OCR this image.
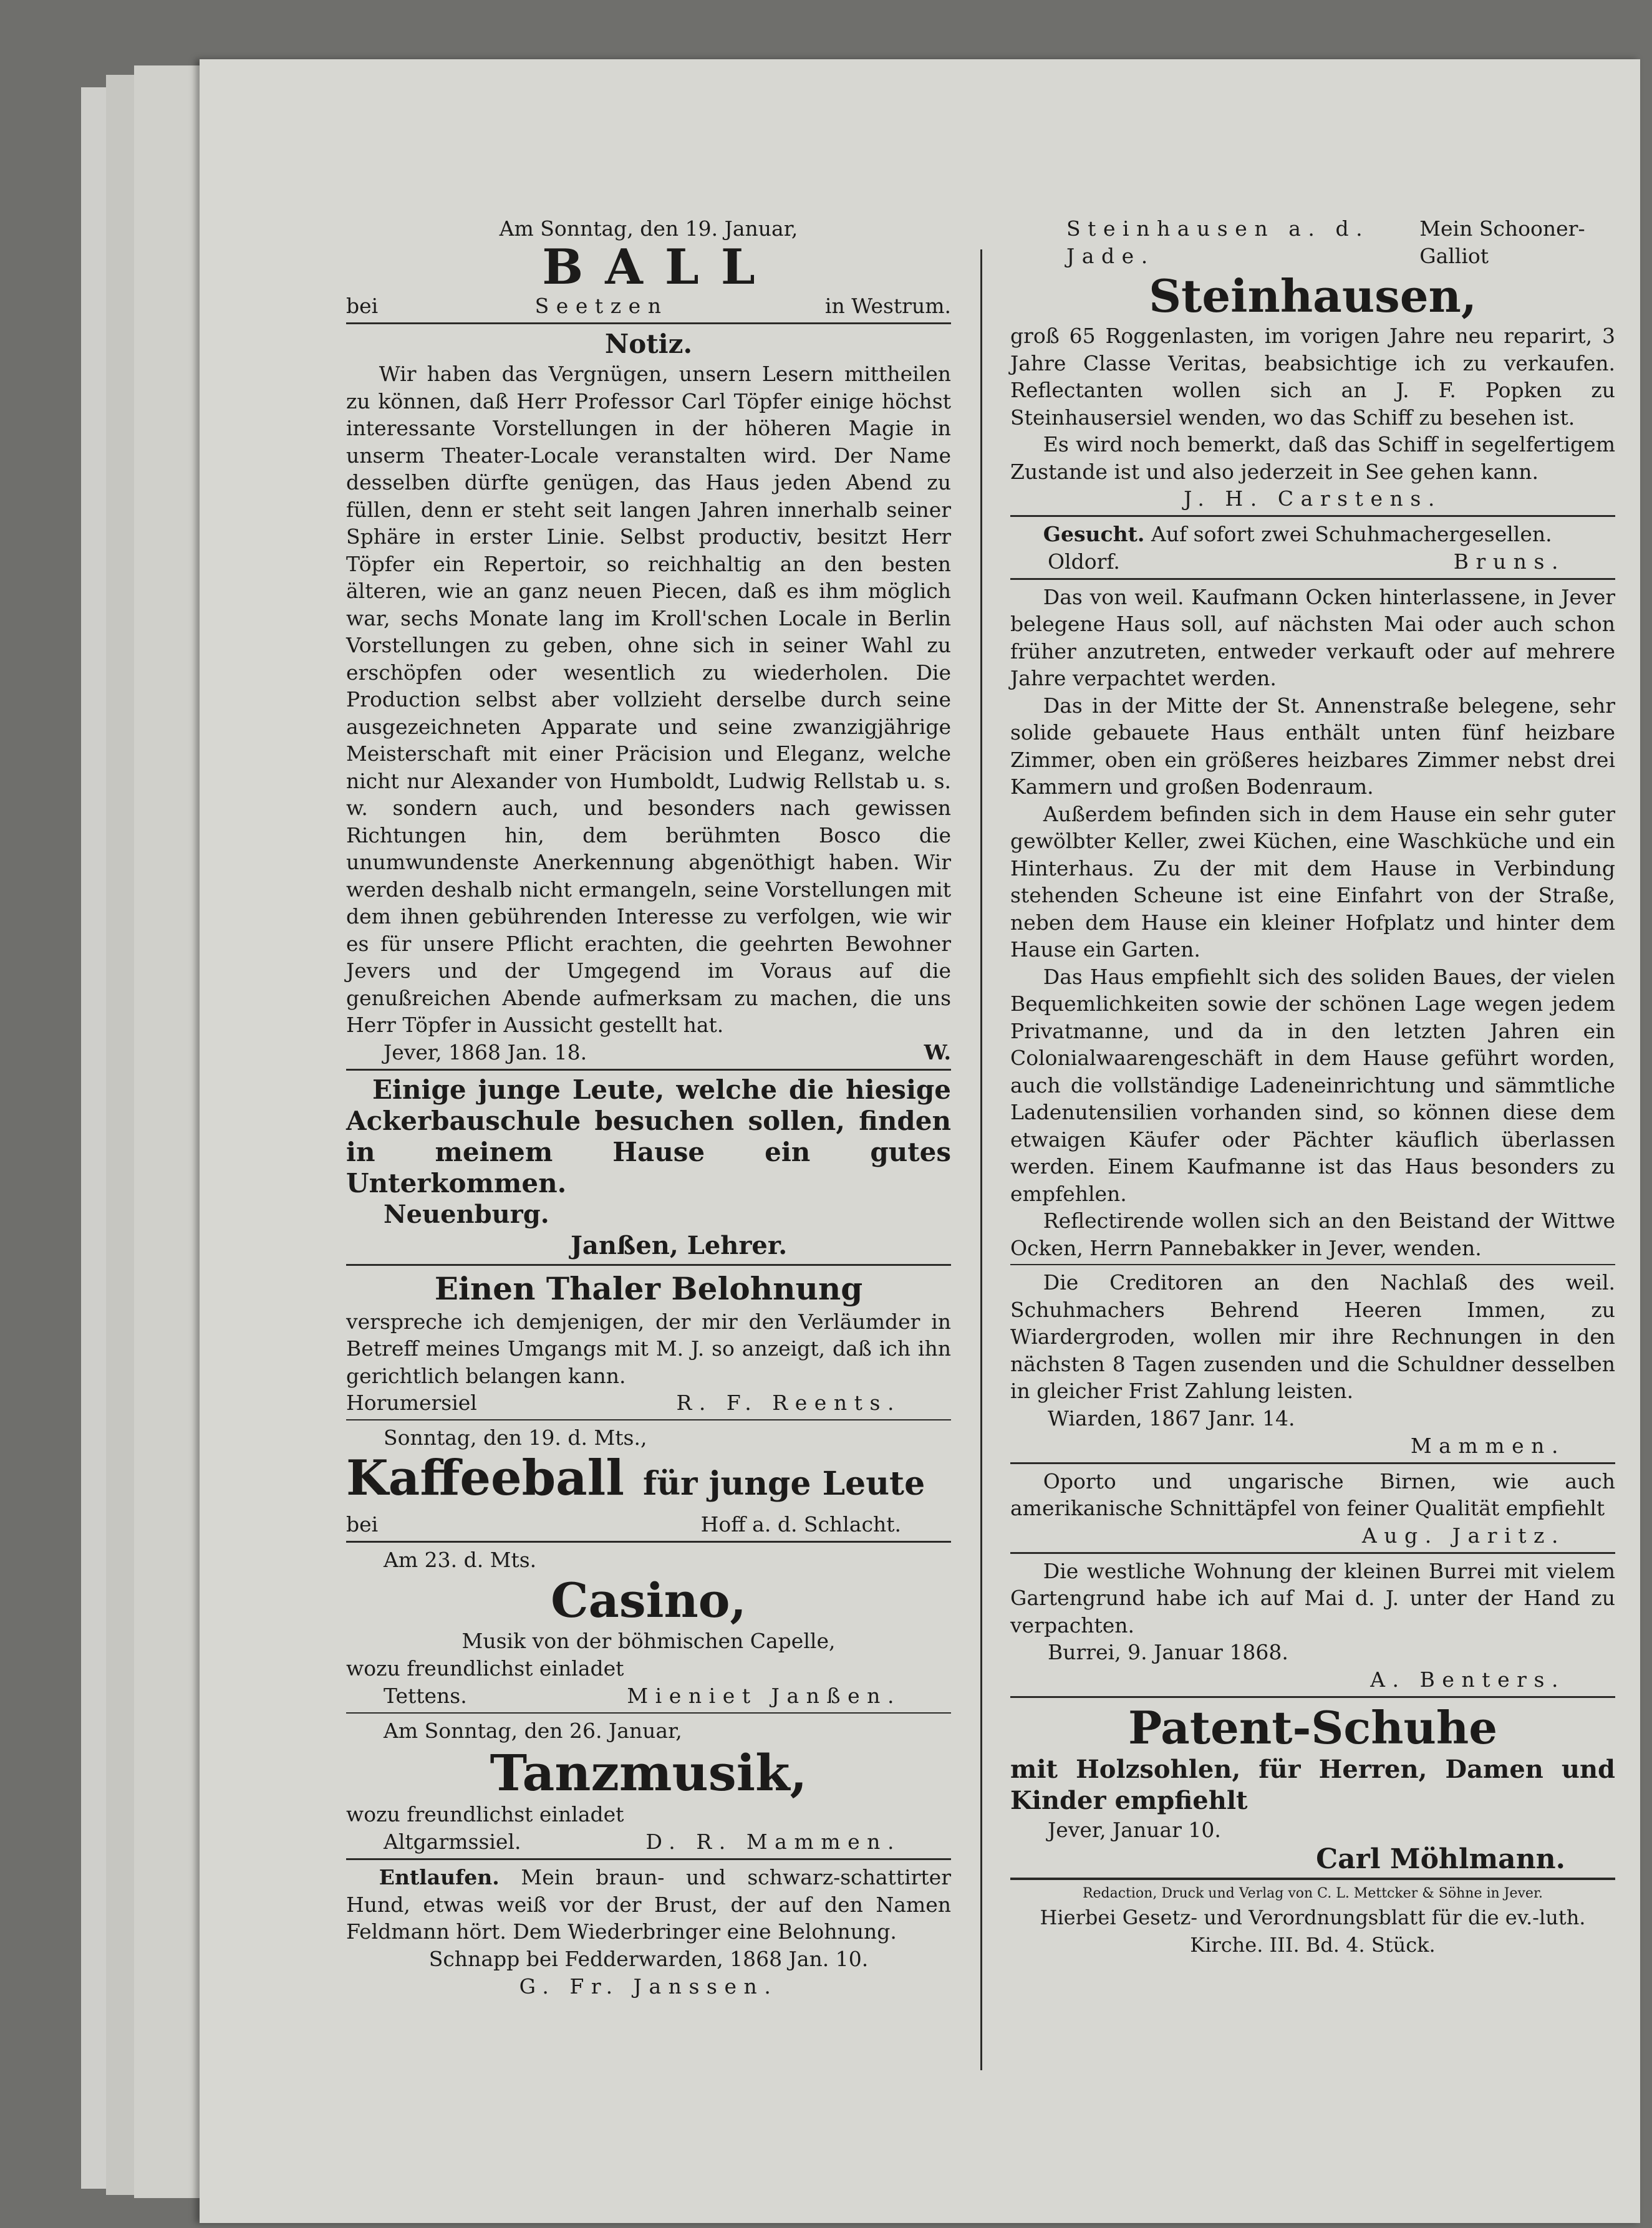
Am Sonntag, den 19. Januar,
BALL
bei	Seetzen	in Westrum.
Notiz.
Wir haben das Vergnügen, unsern Lesern mittheilen zu können, daß Herr Professor Carl Töpfer einige höchst interessante Vorstellungen in der höheren Magie in unserm Theater-Locale veranstalten wird. Der Name desselben dürfte genügen, das Haus jeden Abend zu füllen, denn er steht seit langen Jahren innerhalb seiner Sphäre in erster Linie. Selbst productiv, besitzt Herr Töpfer ein Repertoir, so reichhaltig an den besten älteren, wie an ganz neuen Piecen, daß es ihm möglich war, sechs Monate lang im Kroll'schen Locale in Berlin Vorstellungen zu geben, ohne sich in seiner Wahl zu erschöpfen oder wesentlich zu wiederholen. Die Production selbst aber vollzieht derselbe durch seine ausgezeichneten Apparate und seine zwanzigjährige Meisterschaft mit einer Präcision und Eleganz, welche nicht nur Alexander von Humboldt, Ludwig Rellstab u. s. w. sondern auch, und besonders nach gewissen Richtungen hin, dem berühmten Bosco die unumwundenste Anerkennung abgenöthigt haben. Wir werden deshalb nicht ermangeln, seine Vorstellungen mit dem ihnen gebührenden Interesse zu verfolgen, wie wir es für unsere Pflicht erachten, die geehrten Bewohner Jevers und der Umgegend im Voraus auf die genußreichen Abende aufmerksam zu machen, die uns Herr Töpfer in Aussicht gestellt hat.
Jever, 1868 Jan. 18.	W.
Einige junge Leute, welche die hiesige Ackerbauschule besuchen sollen, finden in meinem Hause ein gutes Unterkommen.
Neuenburg.
Janßen, Lehrer.
Einen Thaler Belohnung
verspreche ich demjenigen, der mir den Verläumder in Betreff meines Umgangs mit M. J. so anzeigt, daß ich ihn gerichtlich belangen kann.
Horumersiel	R. F. Reents.
Sonntag, den 19. d. Mts.,
Kaffeeball für junge Leute
bei	Hoff a. d. Schlacht.
Am 23. d. Mts.
Casino,
Musik von der böhmischen Capelle,
wozu freundlichst einladet
Tettens.	Mieniet Janßen.
Am Sonntag, den 26. Januar,
Tanzmusik,
wozu freundlichst einladet
Altgarmssiel.	D. R. Mammen.
Entlaufen. Mein braun- und schwarz-schattirter Hund, etwas weiß vor der Brust, der auf den Namen Feldmann hört. Dem Wiederbringer eine Belohnung.
Schnapp bei Fedderwarden, 1868 Jan. 10.
G. Fr. Janssen.
Steinhausen a. d. Jade.
Mein Schooner-Galliot
Steinhausen,
groß 65 Roggenlasten, im vorigen Jahre neu reparirt, 3 Jahre Classe Veritas, beabsichtige ich zu verkaufen. Reflectanten wollen sich an J. F. Popken zu Steinhausersiel wenden, wo das Schiff zu besehen ist.
Es wird noch bemerkt, daß das Schiff in segelfertigem Zustande ist und also jederzeit in See gehen kann.
J. H. Carstens.
Gesucht. Auf sofort zwei Schuhmachergesellen.
Oldorf.	Bruns.
Das von weil. Kaufmann Ocken hinterlassene, in Jever belegene Haus soll, auf nächsten Mai oder auch schon früher anzutreten, entweder verkauft oder auf mehrere Jahre verpachtet werden.
Das in der Mitte der St. Annenstraße belegene, sehr solide gebauete Haus enthält unten fünf heizbare Zimmer, oben ein größeres heizbares Zimmer nebst drei Kammern und großen Bodenraum.
Außerdem befinden sich in dem Hause ein sehr guter gewölbter Keller, zwei Küchen, eine Waschküche und ein Hinterhaus. Zu der mit dem Hause in Verbindung stehenden Scheune ist eine Einfahrt von der Straße, neben dem Hause ein kleiner Hofplatz und hinter dem Hause ein Garten.
Das Haus empfiehlt sich des soliden Baues, der vielen Bequemlichkeiten sowie der schönen Lage wegen jedem Privatmanne, und da in den letzten Jahren ein Colonialwaarengeschäft in dem Hause geführt worden, auch die vollständige Ladeneinrichtung und sämmtliche Ladenutensilien vorhanden sind, so können diese dem etwaigen Käufer oder Pächter käuflich überlassen werden. Einem Kaufmanne ist das Haus besonders zu empfehlen.
Reflectirende wollen sich an den Beistand der Wittwe Ocken, Herrn Pannebakker in Jever, wenden.
Die Creditoren an den Nachlaß des weil. Schuhmachers Behrend Heeren Immen, zu Wiardergroden, wollen mir ihre Rechnungen in den nächsten 8 Tagen zusenden und die Schuldner desselben in gleicher Frist Zahlung leisten.
Wiarden, 1867 Janr. 14.
Mammen.
Oporto und ungarische Birnen, wie auch amerikanische Schnittäpfel von feiner Qualität empfiehlt
Aug. Jaritz.
Die westliche Wohnung der kleinen Burrei mit vielem Gartengrund habe ich auf Mai d. J. unter der Hand zu verpachten.
Burrei, 9. Januar 1868.
A. Benters.
Patent-Schuhe
mit Holzsohlen, für Herren, Damen und Kinder empfiehlt
Jever, Januar 10.
Carl Möhlmann.
Redaction, Druck und Verlag von C. L. Mettcker & Söhne in Jever.
Hierbei Gesetz- und Verordnungsblatt für die ev.-luth. Kirche. III. Bd. 4. Stück.
